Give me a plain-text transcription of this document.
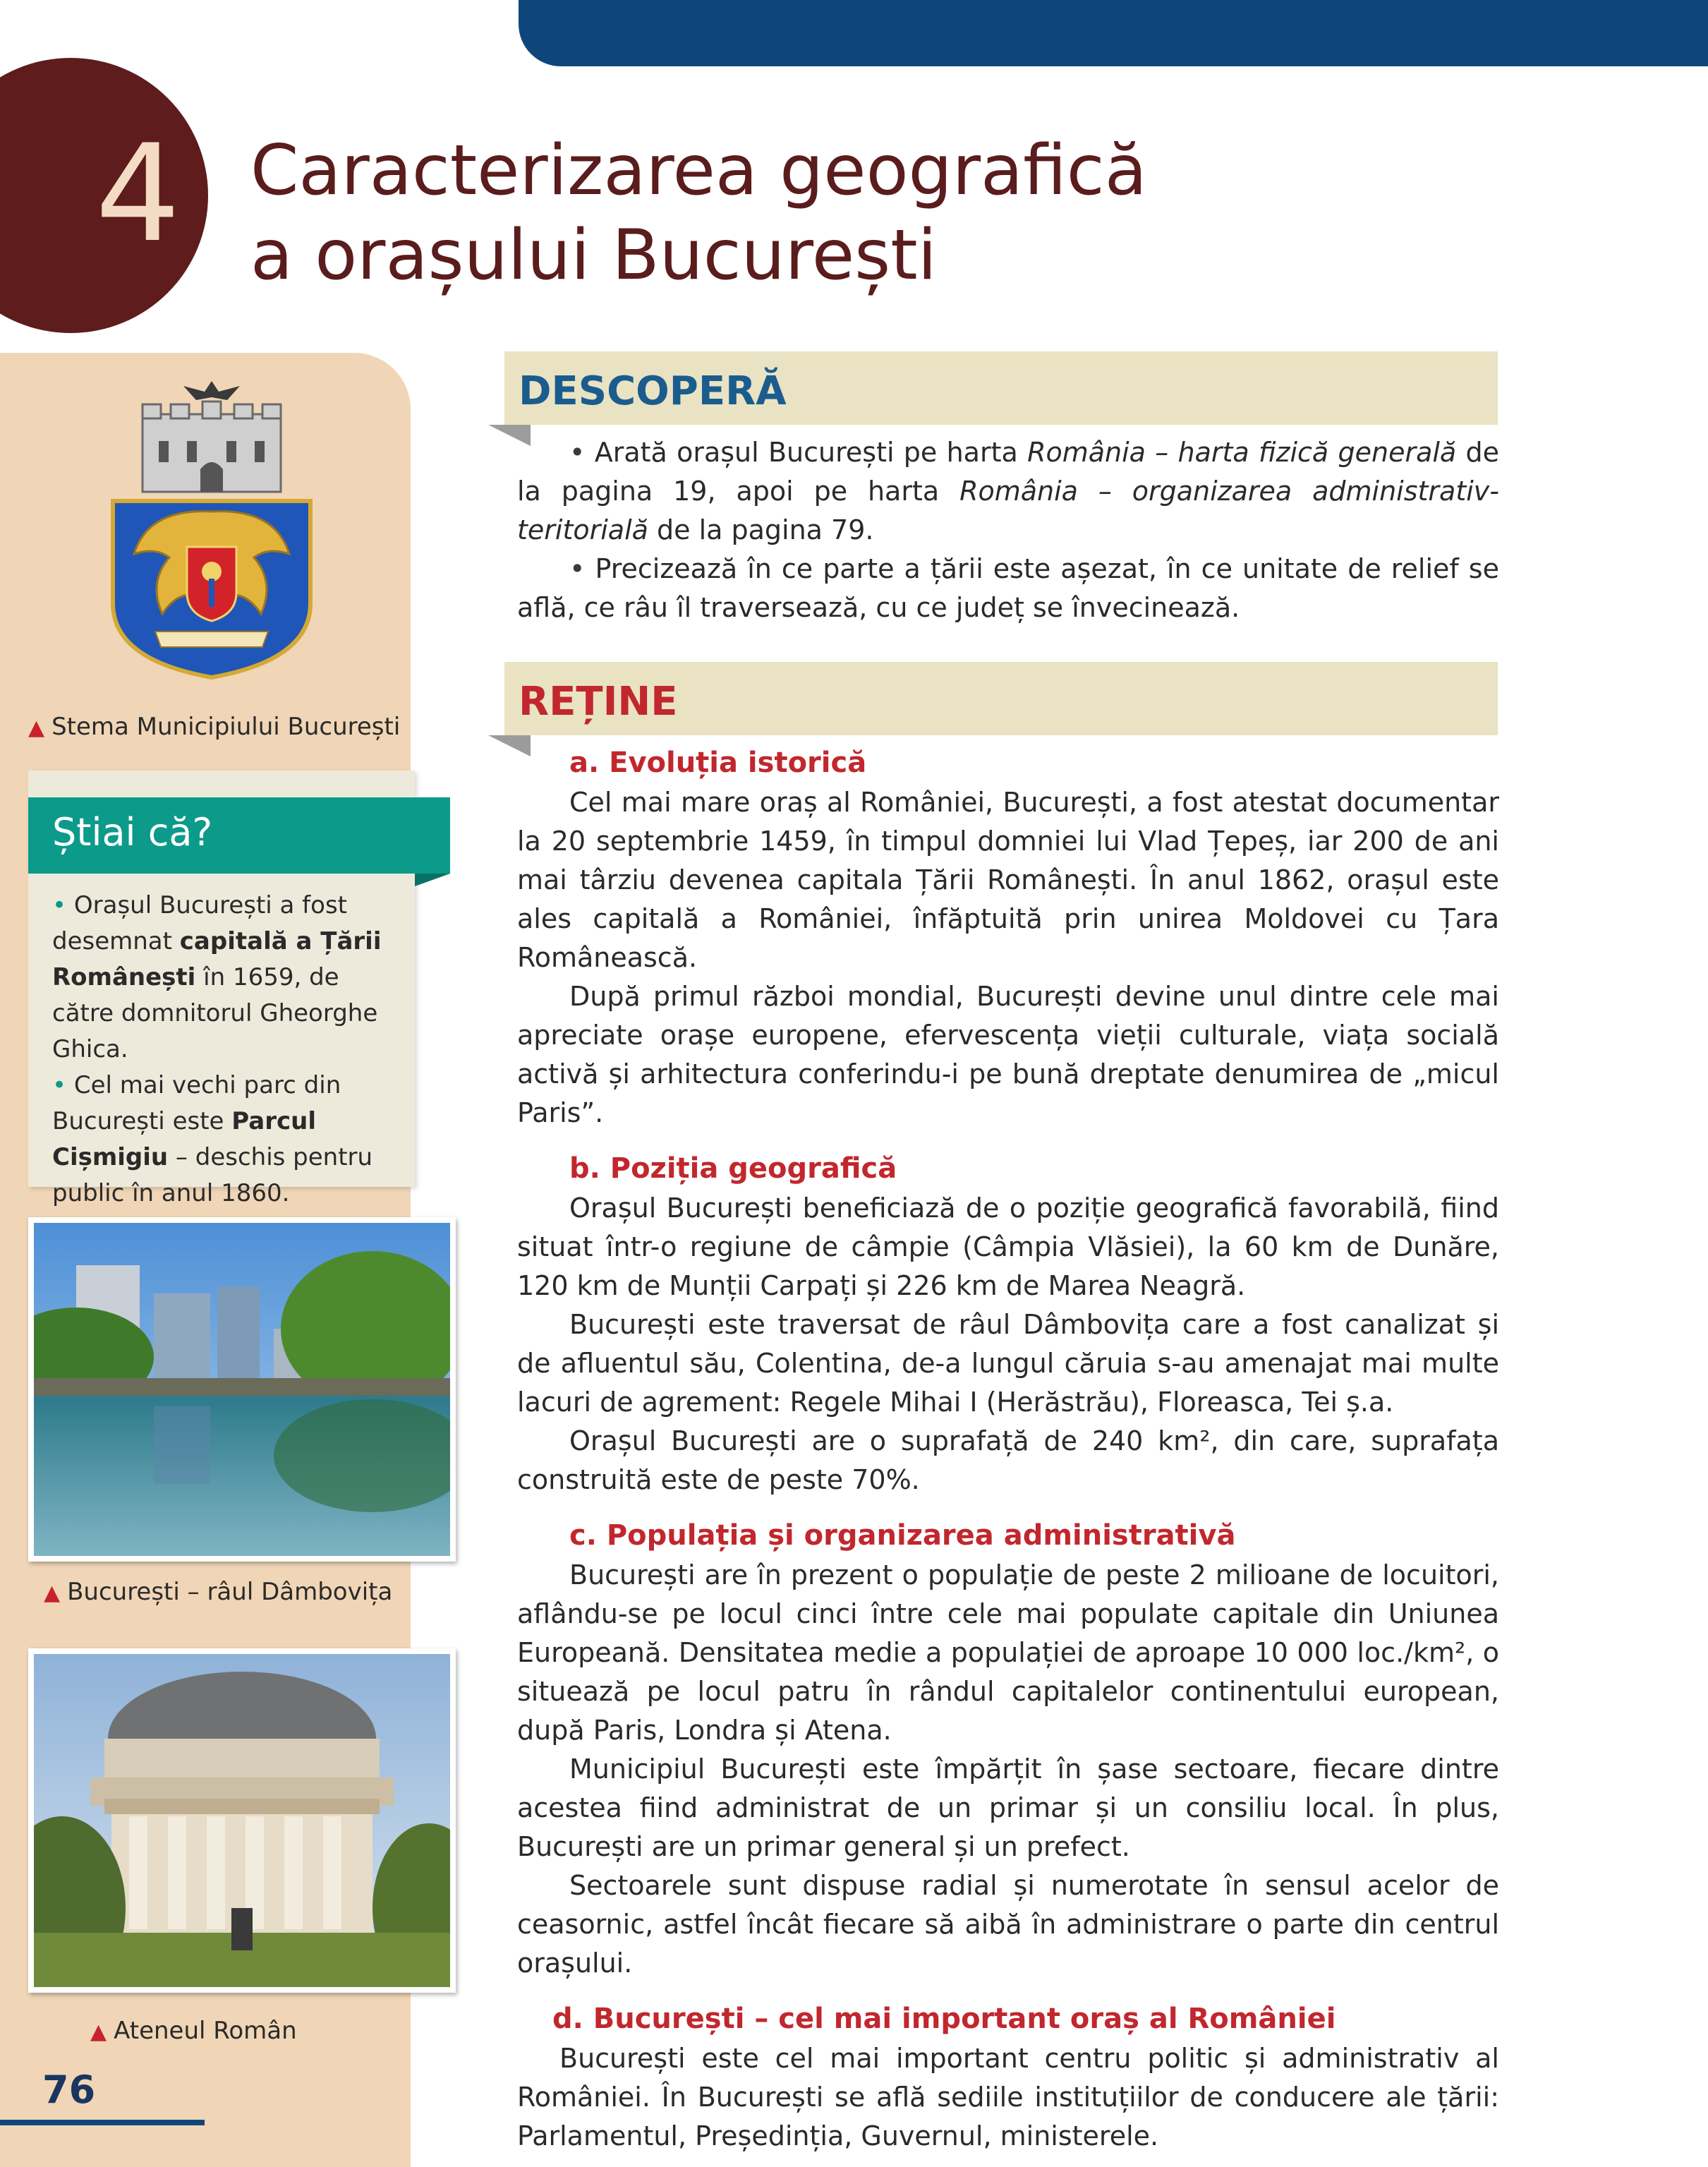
4 Caracterizarea geografică
a orașului București
▲ Stema Municipiului București
Știai că?

• Orașul București a fost desemnat capitală a Țării Românești în 1659, de către domnitorul Gheorghe Ghica.

• Cel mai vechi parc din București este Parcul Cișmigiu – deschis pentru public în anul 1860.

▲ București – râul Dâmbovița
▲ Ateneul Român
76
DESCOPERĂ

• Arată orașul București pe harta România – harta fizică generală de la pagina 19, apoi pe harta România – organizarea administrativ-teritorială de la pagina 79.

• Precizează în ce parte a țării este așezat, în ce unitate de relief se află, ce râu îl traversează, cu ce județ se învecinează.

REȚINE
a. Evoluția istorică

Cel mai mare oraș al României, București, a fost atestat documentar la 20 septembrie 1459, în timpul domniei lui Vlad Țepeș, iar 200 de ani mai târziu devenea capitala Țării Românești. În anul 1862, orașul este ales capitală a României, înfăptuită prin unirea Moldovei cu Țara Românească.

După primul război mondial, București devine unul dintre cele mai apreciate orașe europene, efervescența vieții culturale, viața socială activă și arhitectura conferindu-i pe bună dreptate denumirea de „micul Paris”.

b. Poziția geografică

Orașul București beneficiază de o poziție geografică favorabilă, fiind situat într-o regiune de câmpie (Câmpia Vlăsiei), la 60 km de Dunăre, 120 km de Munții Carpați și 226 km de Marea Neagră.

București este traversat de râul Dâmbovița care a fost canalizat și de afluentul său, Colentina, de-a lungul căruia s-au amenajat mai multe lacuri de agrement: Regele Mihai I (Herăstrău), Floreasca, Tei ș.a.

Orașul București are o suprafață de 240 km², din care, suprafața construită este de peste 70%.

c. Populația și organizarea administrativă

București are în prezent o populație de peste 2 milioane de locuitori, aflându-se pe locul cinci între cele mai populate capitale din Uniunea Europeană. Densitatea medie a populației de aproape 10 000 loc./km², o situează pe locul patru în rândul capitalelor continentului european, după Paris, Londra și Atena.

Municipiul București este împărțit în șase sectoare, fiecare dintre acestea fiind administrat de un primar și un consiliu local. În plus, București are un primar general și un prefect.

Sectoarele sunt dispuse radial și numerotate în sensul acelor de ceasornic, astfel încât fiecare să aibă în administrare o parte din centrul orașului.

d. București – cel mai important oraș al României

București este cel mai important centru politic și administrativ al României. În București se află sediile instituțiilor de conducere ale țării: Parlamentul, Președinția, Guvernul, ministerele.
